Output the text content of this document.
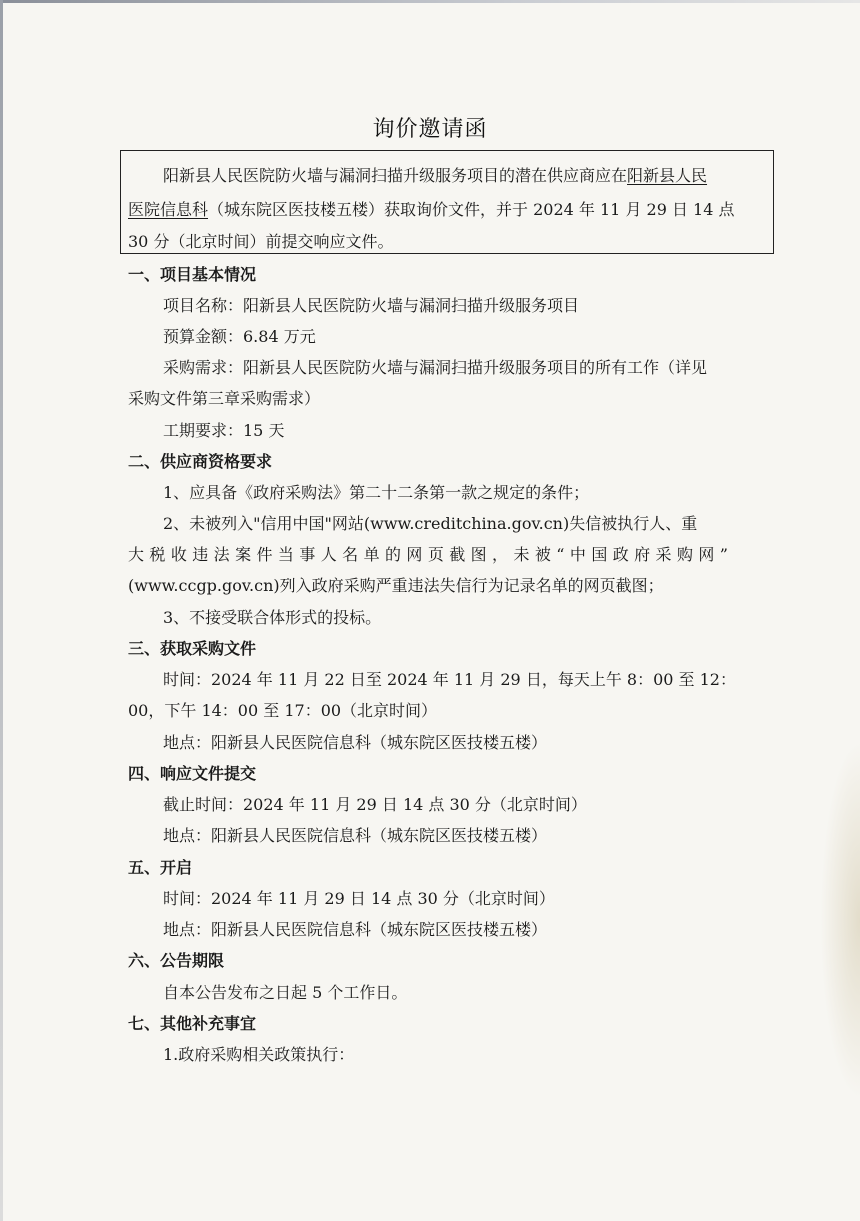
询价邀请函
阳新县人民医院防火墙与漏洞扫描升级服务项目的潜在供应商应在阳新县人民
医院信息科（城东院区医技楼五楼）获取询价文件，并于 2024 年 11 月 29 日 14 点
30 分（北京时间）前提交响应文件。
一、项目基本情况
项目名称：阳新县人民医院防火墙与漏洞扫描升级服务项目
预算金额：6.84 万元
采购需求：阳新县人民医院防火墙与漏洞扫描升级服务项目的所有工作（详见
采购文件第三章采购需求）
工期要求：15 天
二、供应商资格要求
1、应具备《政府采购法》第二十二条第一款之规定的条件；
2、未被列入"信用中国"网站(www.creditchina.gov.cn)失信被执行人、重
大税收违法案件当事人名单的网页截图，未被“中国政府采购网”
(www.ccgp.gov.cn)列入政府采购严重违法失信行为记录名单的网页截图；
3、不接受联合体形式的投标。
三、获取采购文件
时间：2024 年 11 月 22 日至 2024 年 11 月 29 日，每天上午 8：00 至 12：
00，下午 14：00 至 17：00（北京时间）
地点：阳新县人民医院信息科（城东院区医技楼五楼）
四、响应文件提交
截止时间：2024 年 11 月 29 日 14 点 30 分（北京时间）
地点：阳新县人民医院信息科（城东院区医技楼五楼）
五、开启
时间：2024 年 11 月 29 日 14 点 30 分（北京时间）
地点：阳新县人民医院信息科（城东院区医技楼五楼）
六、公告期限
自本公告发布之日起 5 个工作日。
七、其他补充事宜
1.政府采购相关政策执行：
